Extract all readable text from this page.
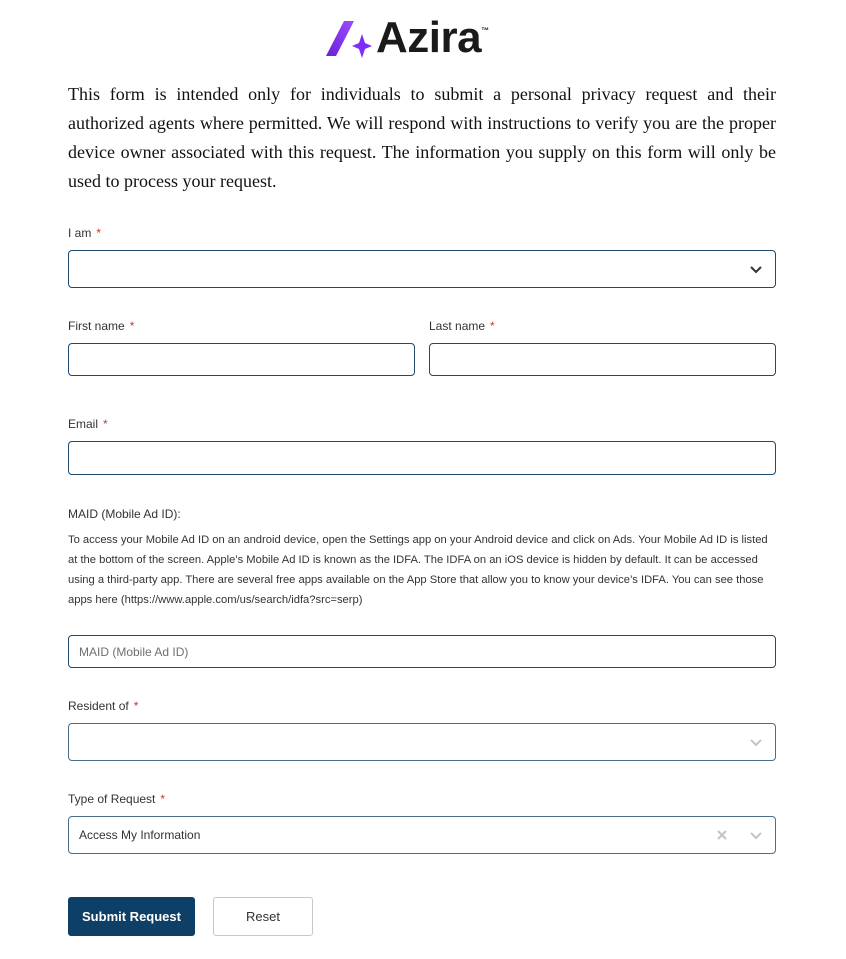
Azira ™

This form is intended only for individuals to submit a personal privacy request and their authorized agents where permitted. We will respond with instructions to verify you are the proper device owner associated with this request. The information you supply on this form will only be used to process your request.

I am *
First name *	Last name *
Email *
MAID (Mobile Ad ID):

To access your Mobile Ad ID on an android device, open the Settings app on your Android device and click on Ads. Your Mobile Ad ID is listed at the bottom of the screen. Apple’s Mobile Ad ID is known as the IDFA. The IDFA on an iOS device is hidden by default. It can be accessed using a third-party app. There are several free apps available on the App Store that allow you to know your device’s IDFA. You can see those apps here (https://www.apple.com/us/search/idfa?src=serp)

MAID (Mobile Ad ID)
Resident of *
Type of Request *
Access My Information
Submit Request	Reset
